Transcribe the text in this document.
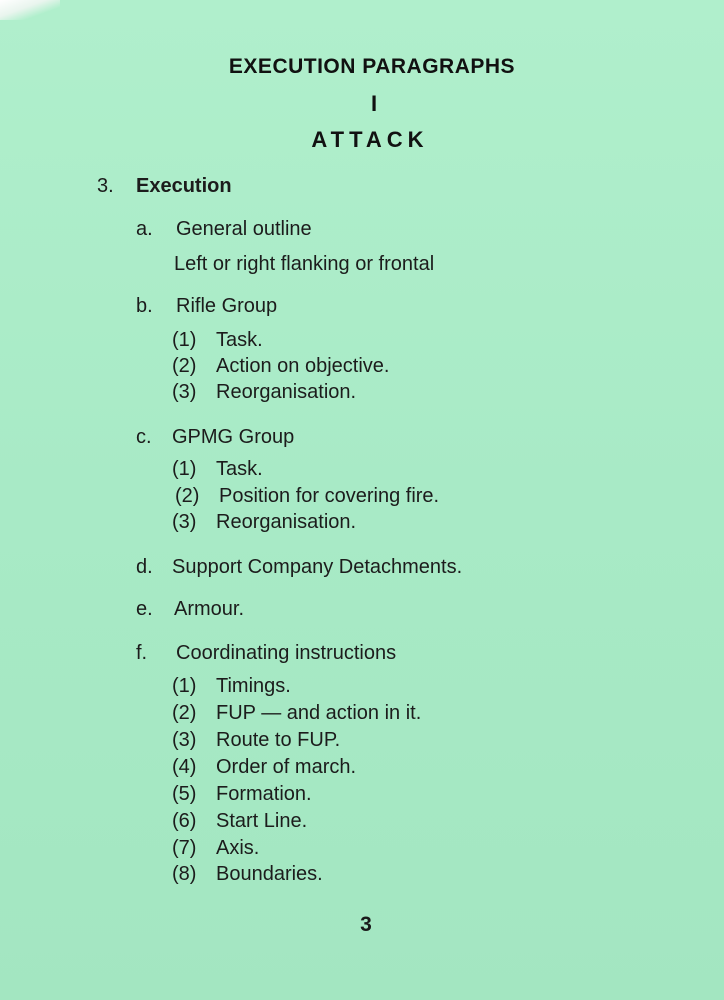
EXECUTION PARAGRAPHS
I
ATTACK
3. Execution
a. General outline
Left or right flanking or frontal
b. Rifle Group
(1) Task.
(2) Action on objective.
(3) Reorganisation.
c. GPMG Group
(1) Task.
(2) Position for covering fire.
(3) Reorganisation.
d. Support Company Detachments.
e. Armour.
f. Coordinating instructions
(1) Timings.
(2) FUP — and action in it.
(3) Route to FUP.
(4) Order of march.
(5) Formation.
(6) Start Line.
(7) Axis.
(8) Boundaries.
3
